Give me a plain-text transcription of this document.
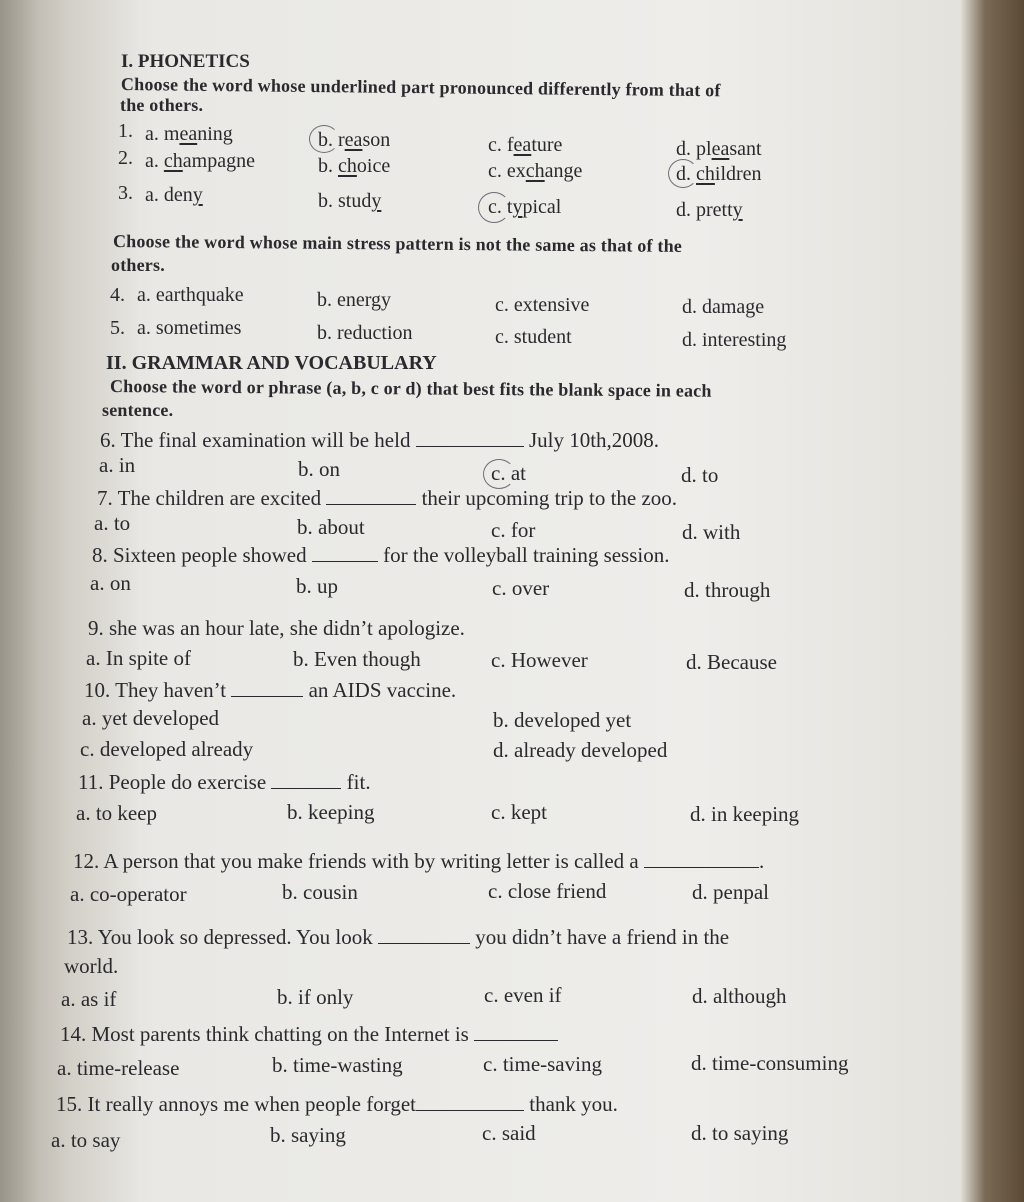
I. PHONETICS
Choose the word whose underlined part pronounced differently from that of
the others.
1. a. meaning	b. reason	c. feature	d. pleasant
2. a. champagne	b. choice	c. exchange	d. children
3. a. deny	b. study	c. typical	d. pretty
Choose the word whose main stress pattern is not the same as that of the
others.
4. a. earthquake	b. energy	c. extensive	d. damage
5. a. sometimes	b. reduction	c. student	d. interesting
II. GRAMMAR AND VOCABULARY
Choose the word or phrase (a, b, c or d) that best fits the blank space in each
sentence.
6. The final examination will be held	July 10th,2008.
a. in	b. on	c. at	d. to
7. The children are excited	their upcoming trip to the zoo.
a. to	b. about	c. for	d. with
8. Sixteen people showed	for the volleyball training session.
a. on	b. up	c. over	d. through
9. she was an hour late, she didn’t apologize.
a. In spite of	b. Even though	c. However	d. Because
10. They haven’t	an AIDS vaccine.
a. yet developed	b. developed yet
c. developed already	d. already developed
11. People do exercise	fit.
a. to keep	b. keeping	c. kept	d. in keeping
12. A person that you make friends with by writing letter is called a	.
a. co-operator	b. cousin	c. close friend	d. penpal
13. You look so depressed. You look	you didn’t have a friend in the
world.
a. as if	b. if only	c. even if	d. although
14. Most parents think chatting on the Internet is
a. time-release	b. time-wasting	c. time-saving	d. time-consuming
15. It really annoys me when people forget	thank you.
a. to say	b. saying	c. said	d. to saying
